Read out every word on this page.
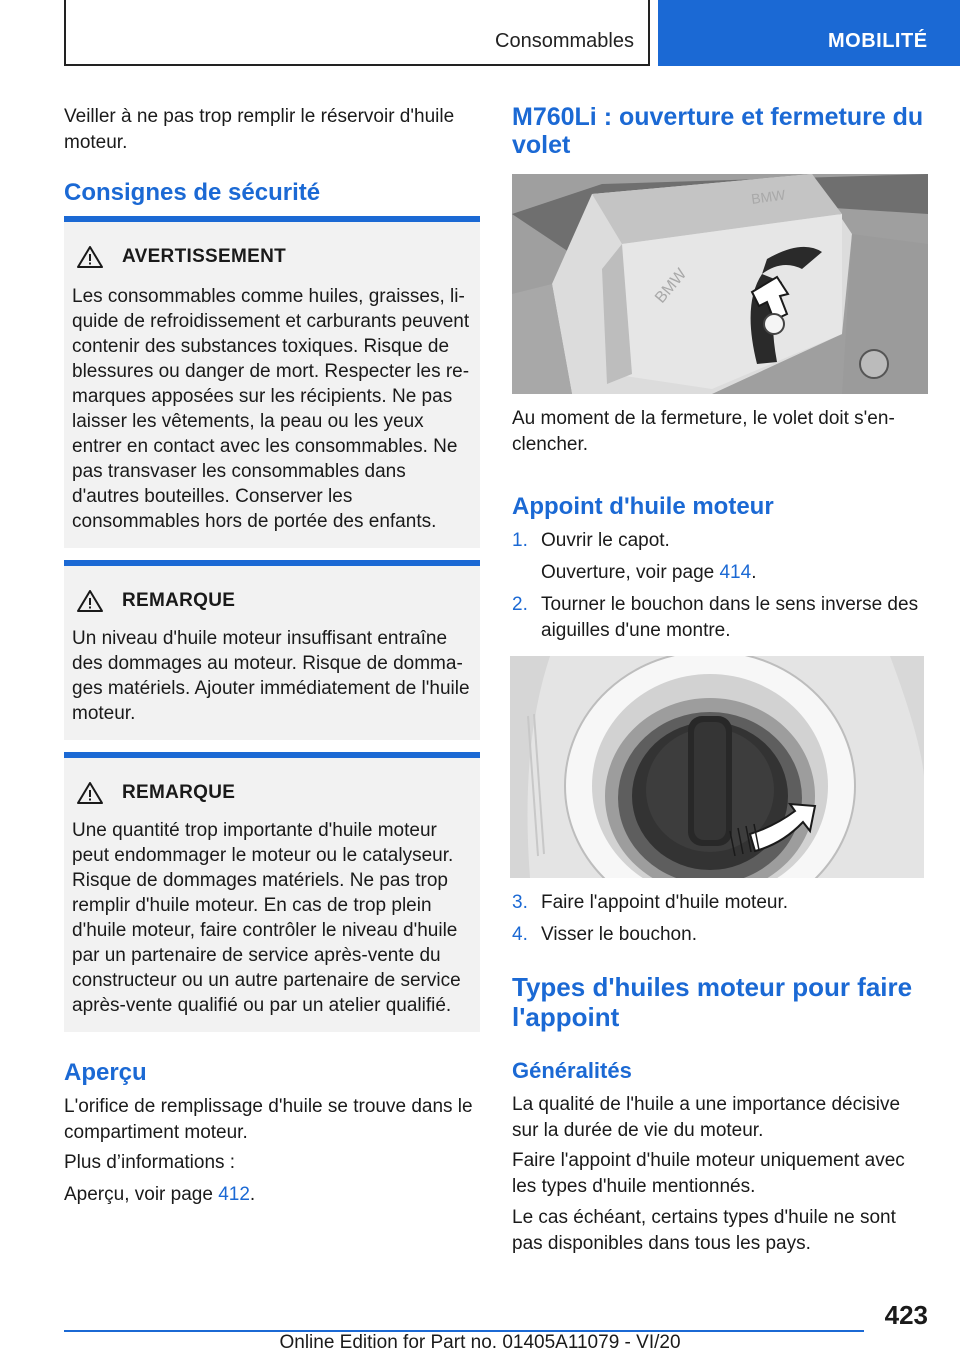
Consommables	MOBILITÉ
Veiller à ne pas trop remplir le réservoir d'huile moteur.
Consignes de sécurité
AVERTISSEMENT
Les consommables comme huiles, graisses, liquide de refroidissement et carburants peuvent contenir des substances toxiques. Risque de blessures ou danger de mort. Respecter les remarques apposées sur les récipients. Ne pas laisser les vêtements, la peau ou les yeux entrer en contact avec les consommables. Ne pas transvaser les consommables dans d'autres bouteilles. Conserver les consommables hors de portée des enfants.
REMARQUE
Un niveau d'huile moteur insuffisant entraîne des dommages au moteur. Risque de dommages matériels. Ajouter immédiatement de l'huile moteur.
REMARQUE
Une quantité trop importante d'huile moteur peut endommager le moteur ou le catalyseur. Risque de dommages matériels. Ne pas trop remplir d'huile moteur. En cas de trop plein d'huile moteur, faire contrôler le niveau d'huile par un partenaire de service après-vente du constructeur ou un autre partenaire de service après-vente qualifié ou par un atelier qualifié.
Aperçu
L'orifice de remplissage d'huile se trouve dans le compartiment moteur.
Plus d’informations :
Aperçu, voir page 412.
M760Li : ouverture et fermeture du volet
BMW
BMW
Au moment de la fermeture, le volet doit s'enclencher.
Appoint d'huile moteur
1. Ouvrir le capot.
Ouverture, voir page 414.
2. Tourner le bouchon dans le sens inverse des aiguilles d'une montre.
3. Faire l'appoint d'huile moteur.
4. Visser le bouchon.
Types d'huiles moteur pour faire l'appoint
Généralités
La qualité de l'huile a une importance décisive sur la durée de vie du moteur.
Faire l'appoint d'huile moteur uniquement avec les types d'huile mentionnés.
Le cas échéant, certains types d'huile ne sont pas disponibles dans tous les pays.
423
Online Edition for Part no. 01405A11079 - VI/20
